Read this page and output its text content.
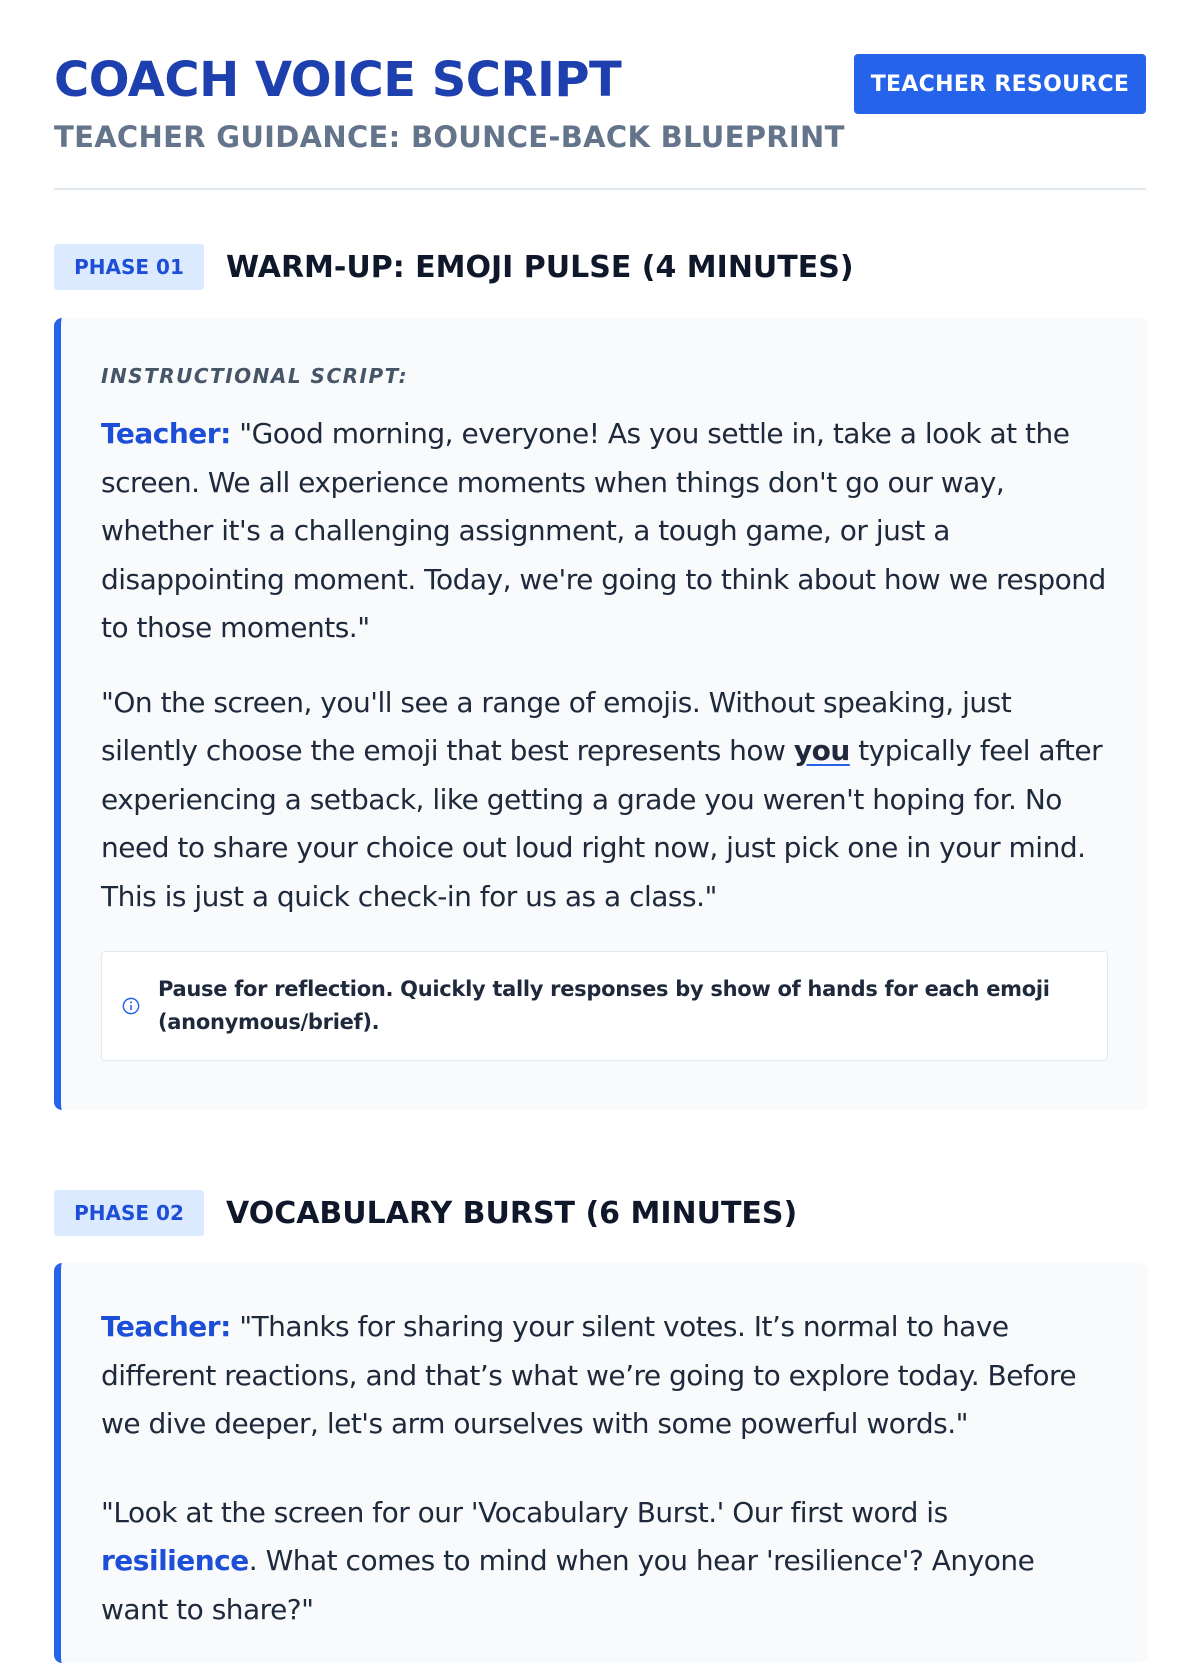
COACH VOICE SCRIPT
TEACHER GUIDANCE: BOUNCE-BACK BLUEPRINT
TEACHER RESOURCE
PHASE 01	WARM-UP: EMOJI PULSE (4 MINUTES)
INSTRUCTIONAL SCRIPT:

Teacher: "Good morning, everyone! As you settle in, take a look at the screen. We all experience moments when things don't go our way, whether it's a challenging assignment, a tough game, or just a disappointing moment. Today, we're going to think about how we respond to those moments."

"On the screen, you'll see a range of emojis. Without speaking, just silently choose the emoji that best represents how you typically feel after experiencing a setback, like getting a grade you weren't hoping for. No need to share your choice out loud right now, just pick one in your mind. This is just a quick check-in for us as a class."

Pause for reflection. Quickly tally responses by show of hands for each emoji (anonymous/brief).
PHASE 02	VOCABULARY BURST (6 MINUTES)

Teacher: "Thanks for sharing your silent votes. It’s normal to have different reactions, and that’s what we’re going to explore today. Before we dive deeper, let's arm ourselves with some powerful words."

"Look at the screen for our 'Vocabulary Burst.' Our first word is resilience. What comes to mind when you hear 'resilience'? Anyone want to share?"
